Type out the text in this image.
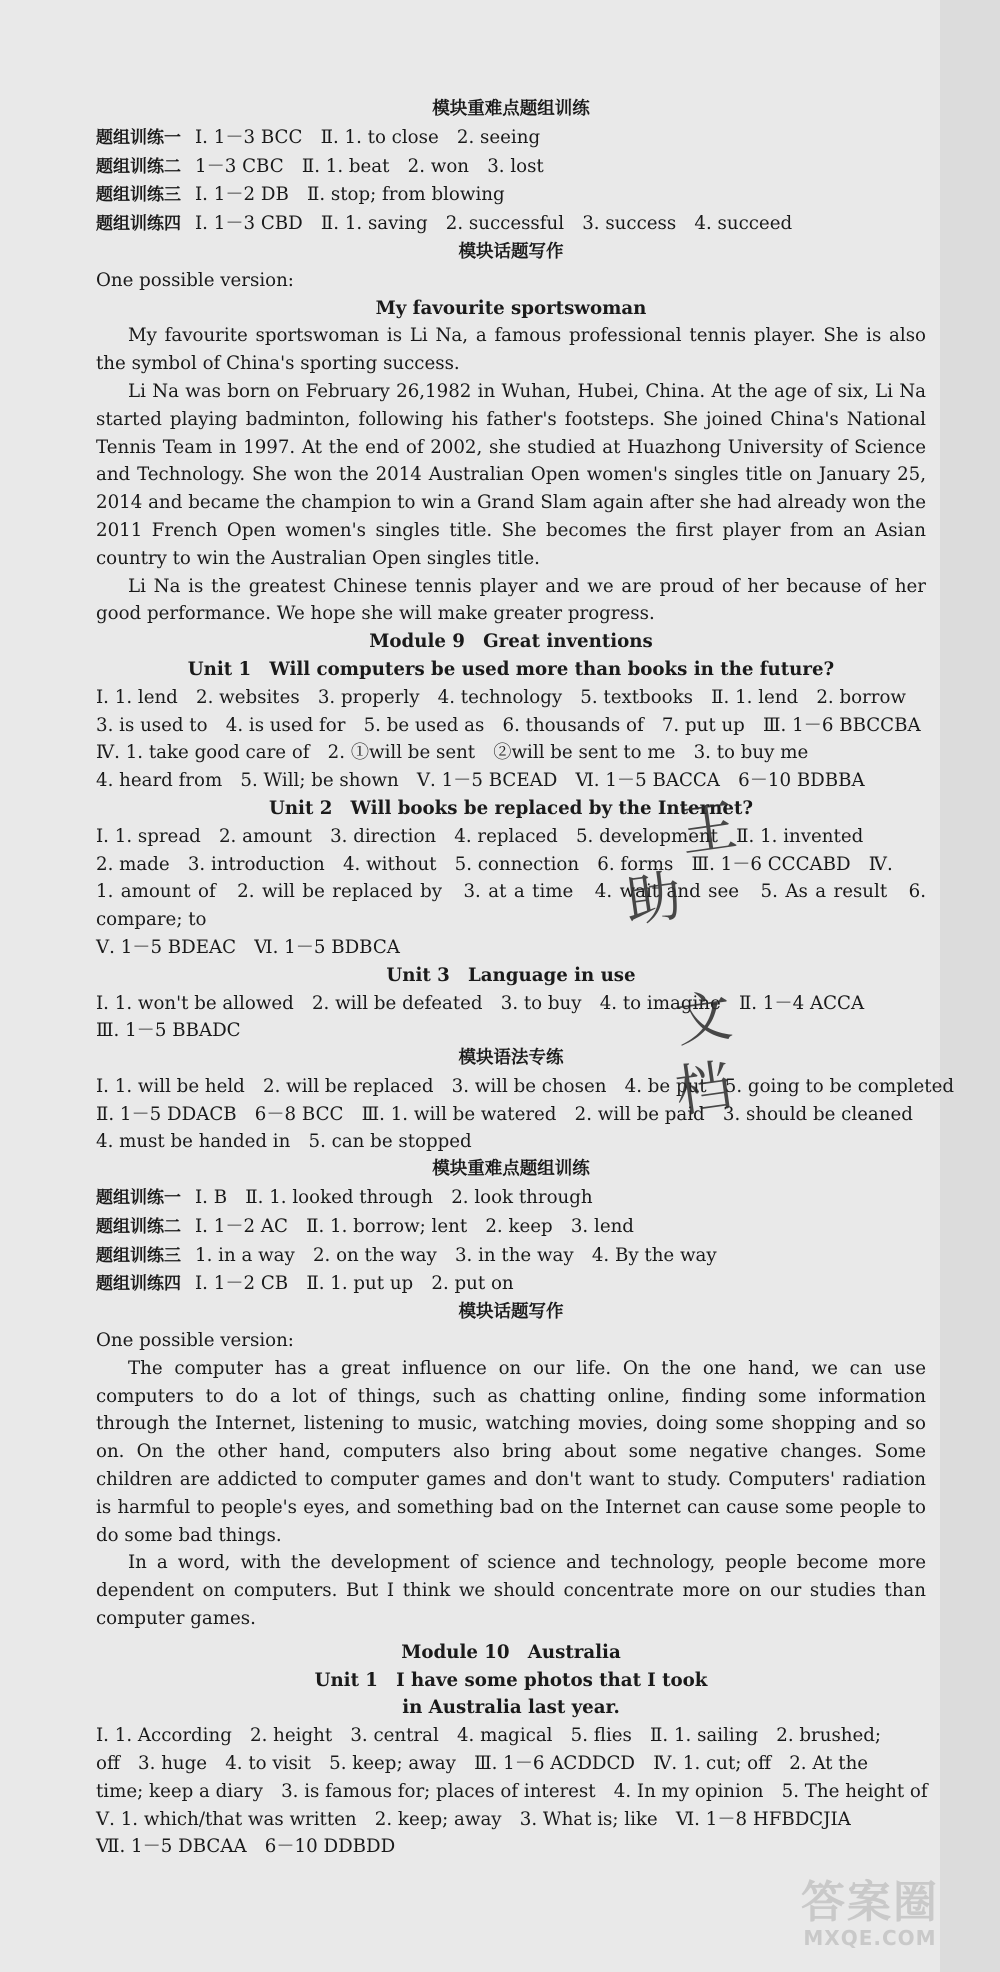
模块重难点题组训练
题组训练一 Ⅰ. 1－3 BCC　Ⅱ. 1. to close　2. seeing
题组训练二 1－3 CBC　Ⅱ. 1. beat　2. won　3. lost
题组训练三 Ⅰ. 1－2 DB　Ⅱ. stop; from blowing
题组训练四 Ⅰ. 1－3 CBD　Ⅱ. 1. saving　2. successful　3. success　4. succeed
模块话题写作
One possible version:
My favourite sportswoman
My favourite sportswoman is Li Na, a famous professional tennis player. She is also the symbol of China's sporting success.
Li Na was born on February 26,1982 in Wuhan, Hubei, China. At the age of six, Li Na started playing badminton, following his father's footsteps. She joined China's National Tennis Team in 1997. At the end of 2002, she studied at Huazhong University of Science and Technology. She won the 2014 Australian Open women's singles title on January 25, 2014 and became the champion to win a Grand Slam again after she had already won the 2011 French Open women's singles title. She becomes the first player from an Asian country to win the Australian Open singles title.
Li Na is the greatest Chinese tennis player and we are proud of her because of her good performance. We hope she will make greater progress.
Module 9　Great inventions
Unit 1　Will computers be used more than books in the future?
Ⅰ. 1. lend　2. websites　3. properly　4. technology　5. textbooks　Ⅱ. 1. lend　2. borrow
3. is used to　4. is used for　5. be used as　6. thousands of　7. put up　Ⅲ. 1－6 BBCCBA
Ⅳ. 1. take good care of　2. ①will be sent　②will be sent to me　3. to buy me
4. heard from　5. Will; be shown　Ⅴ. 1－5 BCEAD　Ⅵ. 1－5 BACCA　6－10 BDBBA
Unit 2　Will books be replaced by the Internet?
Ⅰ. 1. spread　2. amount　3. direction　4. replaced　5. development　Ⅱ. 1. invented
2. made　3. introduction　4. without　5. connection　6. forms　Ⅲ. 1－6 CCCABD　Ⅳ.
1. amount of　2. will be replaced by　3. at a time　4. wait and see　5. As a result　6. compare; to
Ⅴ. 1－5 BDEAC　Ⅵ. 1－5 BDBCA
Unit 3　Language in use
Ⅰ. 1. won't be allowed　2. will be defeated　3. to buy　4. to imagine　Ⅱ. 1－4 ACCA
Ⅲ. 1－5 BBADC
模块语法专练
Ⅰ. 1. will be held　2. will be replaced　3. will be chosen　4. be put　5. going to be completed
Ⅱ. 1－5 DDACB　6－8 BCC　Ⅲ. 1. will be watered　2. will be paid　3. should be cleaned
4. must be handed in　5. can be stopped
模块重难点题组训练
题组训练一 Ⅰ. B　Ⅱ. 1. looked through　2. look through
题组训练二 Ⅰ. 1－2 AC　Ⅱ. 1. borrow; lent　2. keep　3. lend
题组训练三 1. in a way　2. on the way　3. in the way　4. By the way
题组训练四 Ⅰ. 1－2 CB　Ⅱ. 1. put up　2. put on
模块话题写作
One possible version:
The computer has a great influence on our life. On the one hand, we can use computers to do a lot of things, such as chatting online, finding some information through the Internet, listening to music, watching movies, doing some shopping and so on. On the other hand, computers also bring about some negative changes. Some children are addicted to computer games and don't want to study. Computers' radiation is harmful to people's eyes, and something bad on the Internet can cause some people to do some bad things.
In a word, with the development of science and technology, people become more dependent on computers. But I think we should concentrate more on our studies than computer games.
Module 10　Australia
Unit 1　I have some photos that I took
in Australia last year.
Ⅰ. 1. According　2. height　3. central　4. magical　5. flies　Ⅱ. 1. sailing　2. brushed;
off　3. huge　4. to visit　5. keep; away　Ⅲ. 1－6 ACDDCD　Ⅳ. 1. cut; off　2. At the
time; keep a diary　3. is famous for; places of interest　4. In my opinion　5. The height of
Ⅴ. 1. which/that was written　2. keep; away　3. What is; like　Ⅵ. 1－8 HFBDCJIA
Ⅶ. 1－5 DBCAA　6－10 DDBDD
王
助
文
档
答案圈
MXQE.COM
